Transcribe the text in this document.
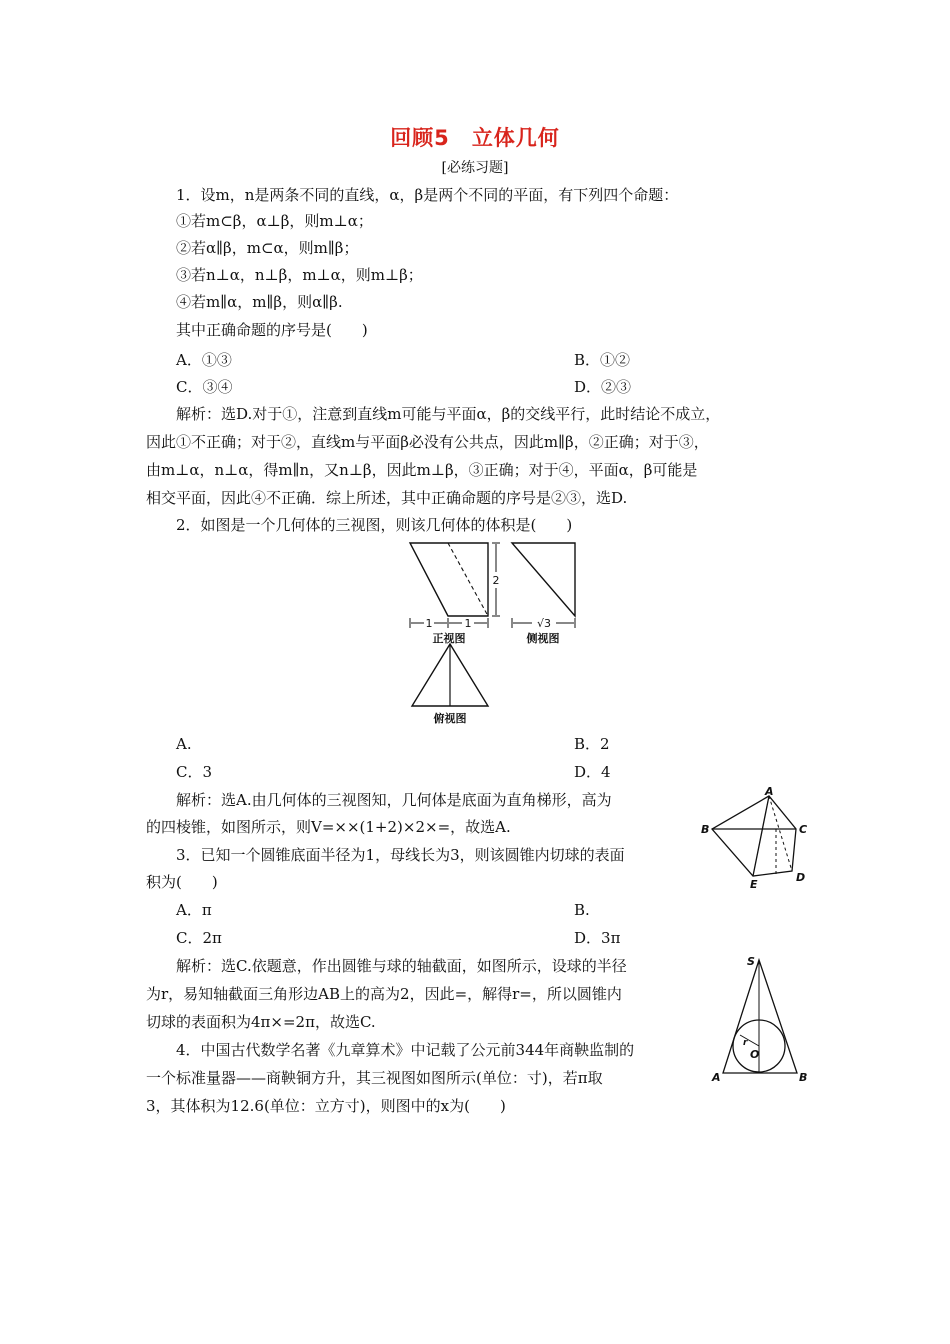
回顾5 立体几何
[必练习题]
1．设m，n是两条不同的直线，α，β是两个不同的平面，有下列四个命题：
①若m⊂β，α⊥β，则m⊥α；
②若α∥β，m⊂α，则m∥β；
③若n⊥α，n⊥β，m⊥α，则m⊥β；
④若m∥α，m∥β，则α∥β.
其中正确命题的序号是(　　)
A．①③	B．①②
C．③④	D．②③
解析：选D.对于①，注意到直线m可能与平面α，β的交线平行，此时结论不成立，
因此①不正确；对于②，直线m与平面β必没有公共点，因此m∥β，②正确；对于③，
由m⊥α，n⊥α，得m∥n，又n⊥β，因此m⊥β，③正确；对于④，平面α，β可能是
相交平面，因此④不正确．综上所述，其中正确命题的序号是②③，选D.
2．如图是一个几何体的三视图，则该几何体的体积是(　　)
2
1	1	√3
正视图	侧视图
俯视图
A.	B．2
C．3	D．4
解析：选A.由几何体的三视图知，几何体是底面为直角梯形，高为
的四棱锥，如图所示，则V=××(1+2)×2×=，故选A.
A
B	C
D
E
3．已知一个圆锥底面半径为1，母线长为3，则该圆锥内切球的表面
积为(　　)
A．π	B.
C．2π	D．3π
解析：选C.依题意，作出圆锥与球的轴截面，如图所示，设球的半径
为r，易知轴截面三角形边AB上的高为2，因此=，解得r=，所以圆锥内
切球的表面积为4π×=2π，故选C.
S
A	B
O
r
4．中国古代数学名著《九章算术》中记载了公元前344年商鞅监制的
一个标准量器——商鞅铜方升，其三视图如图所示(单位：寸)，若π取
3，其体积为12.6(单位：立方寸)，则图中的x为(　　)
